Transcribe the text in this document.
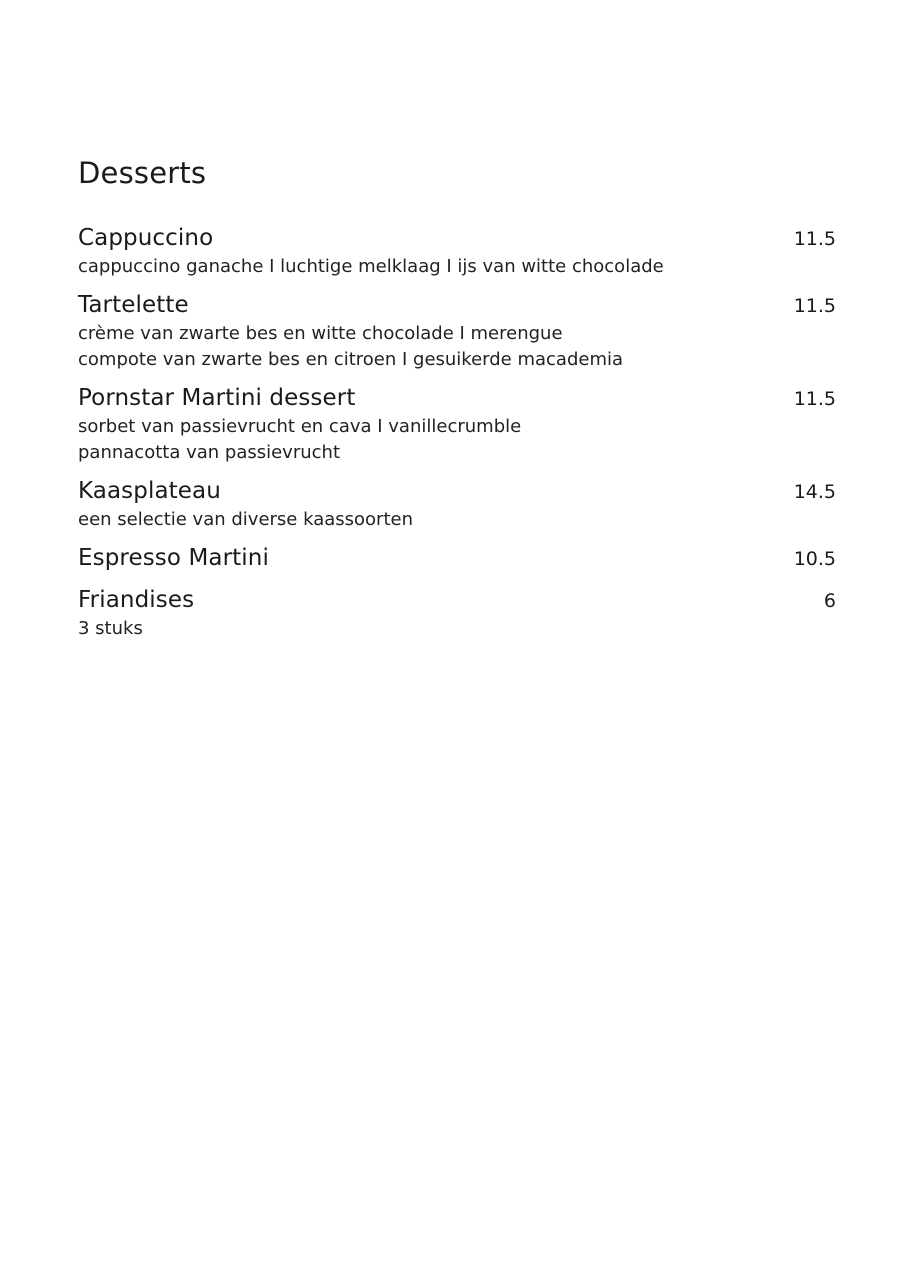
Desserts
Cappuccino	11.5
cappuccino ganache I luchtige melklaag I ijs van witte chocolade
Tartelette	11.5
crème van zwarte bes en witte chocolade I merengue
compote van zwarte bes en citroen I gesuikerde macademia
Pornstar Martini dessert	11.5
sorbet van passievrucht en cava I vanillecrumble
pannacotta van passievrucht
Kaasplateau	14.5
een selectie van diverse kaassoorten
Espresso Martini	10.5
Friandises	6
3 stuks
